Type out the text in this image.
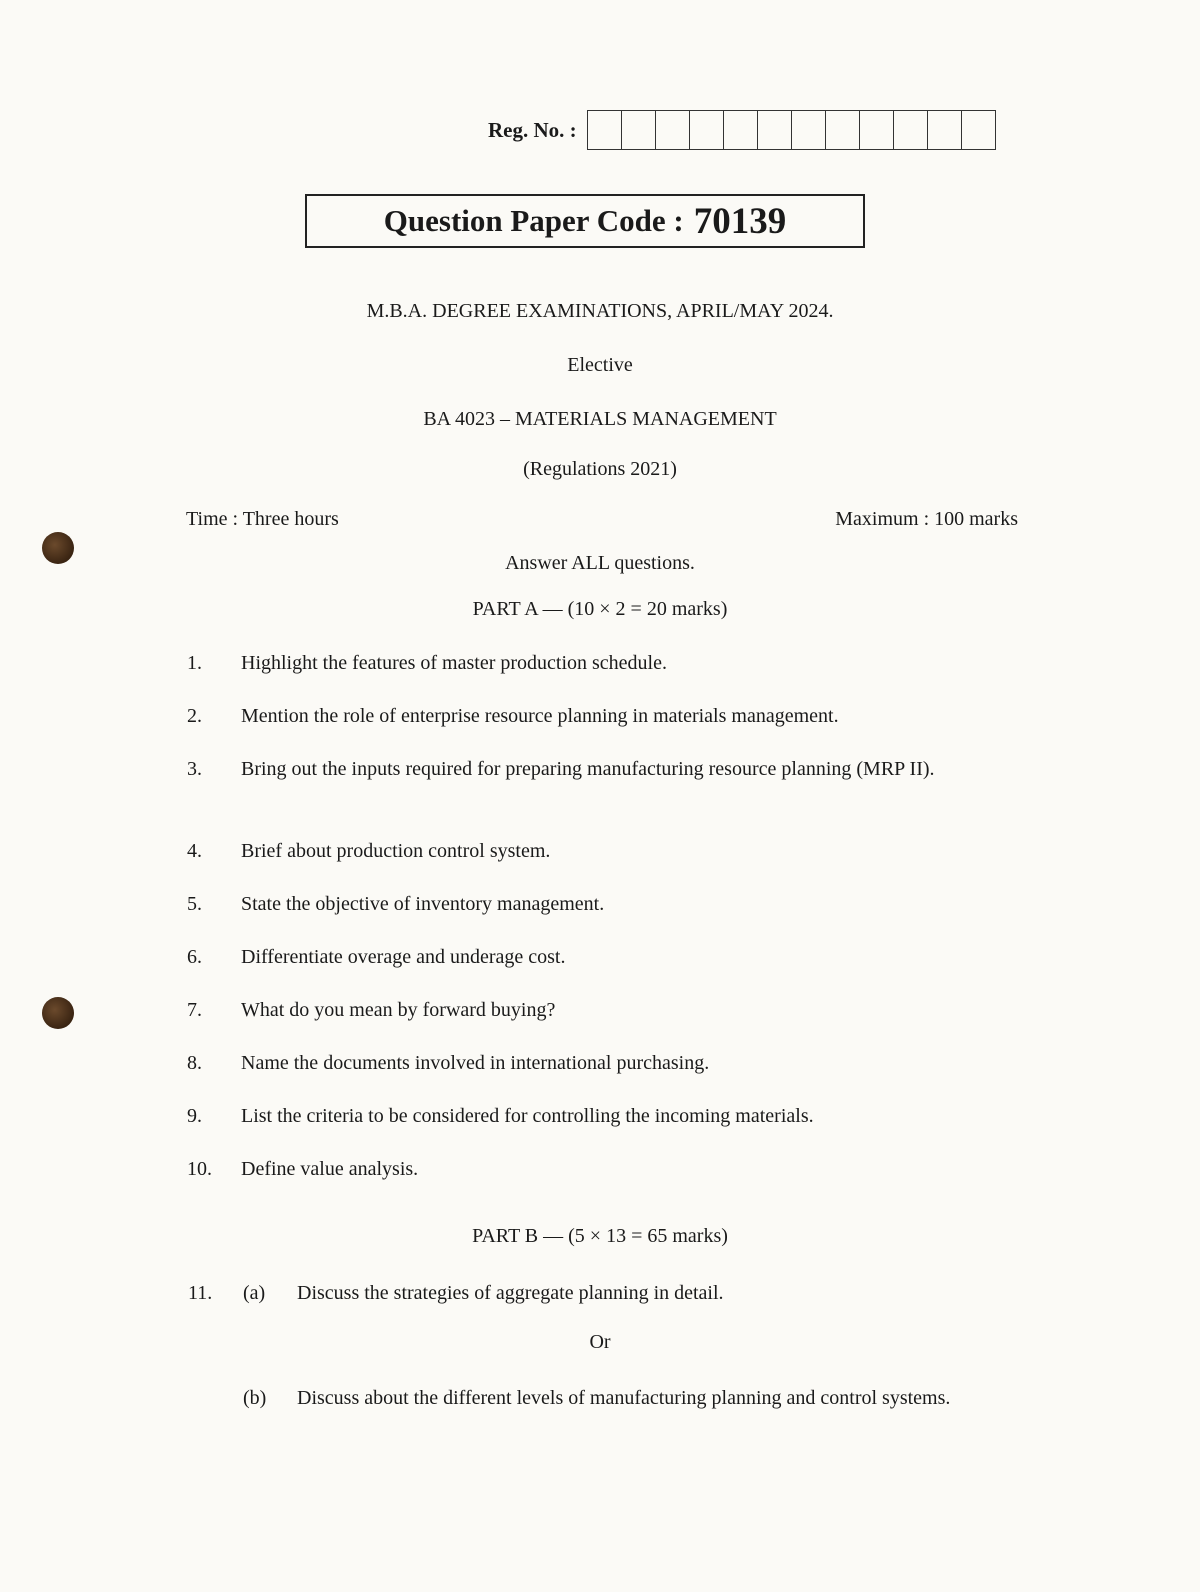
Reg. No. :
Question Paper Code : 70139
M.B.A. DEGREE EXAMINATIONS, APRIL/MAY 2024.
Elective
BA 4023 – MATERIALS MANAGEMENT
(Regulations 2021)
Time : Three hours	Maximum : 100 marks
Answer ALL questions.
PART A — (10 × 2 = 20 marks)
1. Highlight the features of master production schedule.
2. Mention the role of enterprise resource planning in materials management.
3. Bring out the inputs required for preparing manufacturing resource planning (MRP II).
4. Brief about production control system.
5. State the objective of inventory management.
6. Differentiate overage and underage cost.
7. What do you mean by forward buying?
8. Name the documents involved in international purchasing.
9. List the criteria to be considered for controlling the incoming materials.
10. Define value analysis.
PART B — (5 × 13 = 65 marks)
11. (a) Discuss the strategies of aggregate planning in detail.
Or
(b) Discuss about the different levels of manufacturing planning and control systems.
